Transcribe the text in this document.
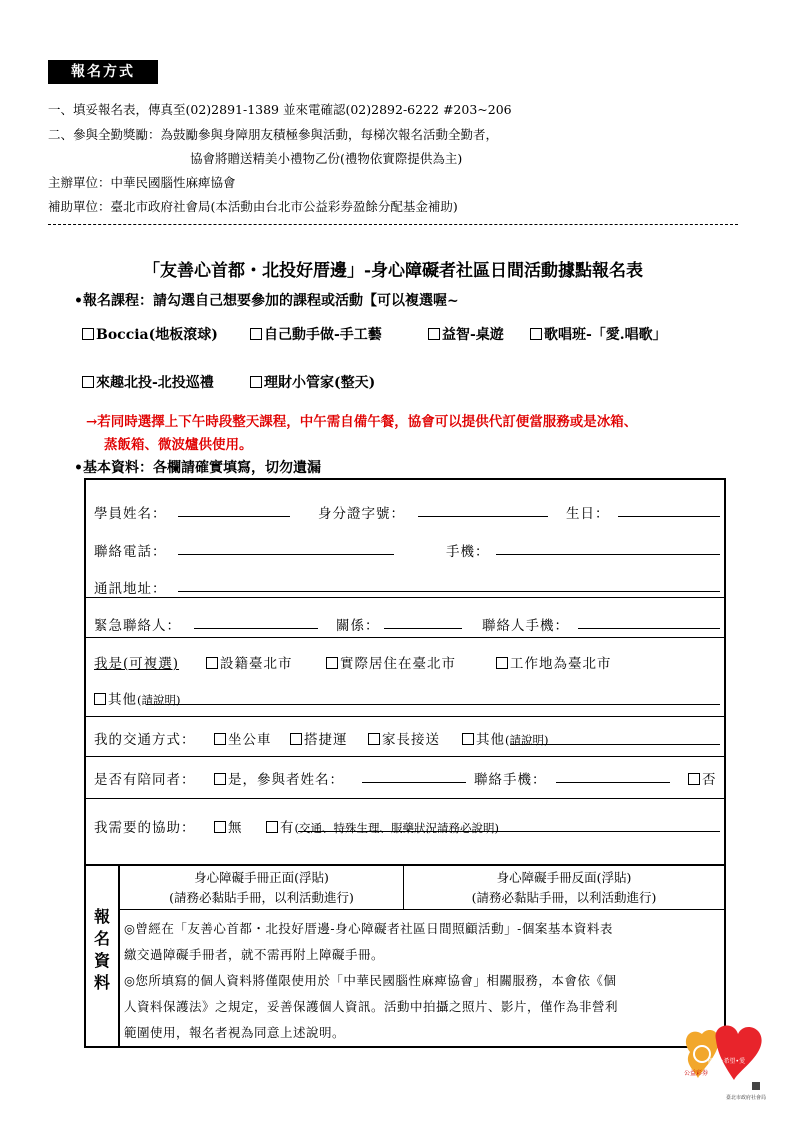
報名方式
一、填妥報名表，傳真至(02)2891-1389 並來電確認(02)2892-6222 #203~206
二、參與全勤獎勵：為鼓勵參與身障朋友積極參與活動，每梯次報名活動全勤者，
協會將贈送精美小禮物乙份(禮物依實際提供為主)
主辦單位：中華民國腦性麻痺協會
補助單位：臺北市政府社會局(本活動由台北市公益彩券盈餘分配基金補助)
「友善心首都・北投好厝邊」-身心障礙者社區日間活動據點報名表
•報名課程：請勾選自己想要參加的課程或活動【可以複選喔~
Boccia(地板滾球)	自己動手做-手工藝	益智-桌遊	歌唱班-「愛.唱歌」
來趣北投-北投巡禮	理財小管家(整天)
→若同時選擇上下午時段整天課程，中午需自備午餐，協會可以提供代訂便當服務或是冰箱、
蒸飯箱、微波爐供使用。
•基本資料：各欄請確實填寫，切勿遺漏
學員姓名：	身分證字號：	生日：
聯絡電話：	手機：
通訊地址：
緊急聯絡人：	關係：	聯絡人手機：
我是(可複選)	設籍臺北市	實際居住在臺北市	工作地為臺北市
其他(請說明)
我的交通方式：	坐公車	搭捷運	家長接送	其他(請說明)
是否有陪同者：	是，參與者姓名：	聯絡手機：	否
我需要的協助：	無	有(交通、特殊生理、服藥狀況請務必說明)
報
名
資
料
身心障礙手冊正面(浮貼)
(請務必黏貼手冊，以利活動進行)
身心障礙手冊反面(浮貼)
(請務必黏貼手冊，以利活動進行)
◎曾經在「友善心首都・北投好厝邊-身心障礙者社區日間照顧活動」-個案基本資料表
繳交過障礙手冊者，就不需再附上障礙手冊。
◎您所填寫的個人資料將僅限使用於「中華民國腦性麻痺協會」相關服務，本會依《個
人資料保護法》之規定，妥善保護個人資訊。活動中拍攝之照片、影片，僅作為非營利
範圍使用，報名者視為同意上述說明。
關懷•希望•愛
公益彩券
臺北市政府社會局
